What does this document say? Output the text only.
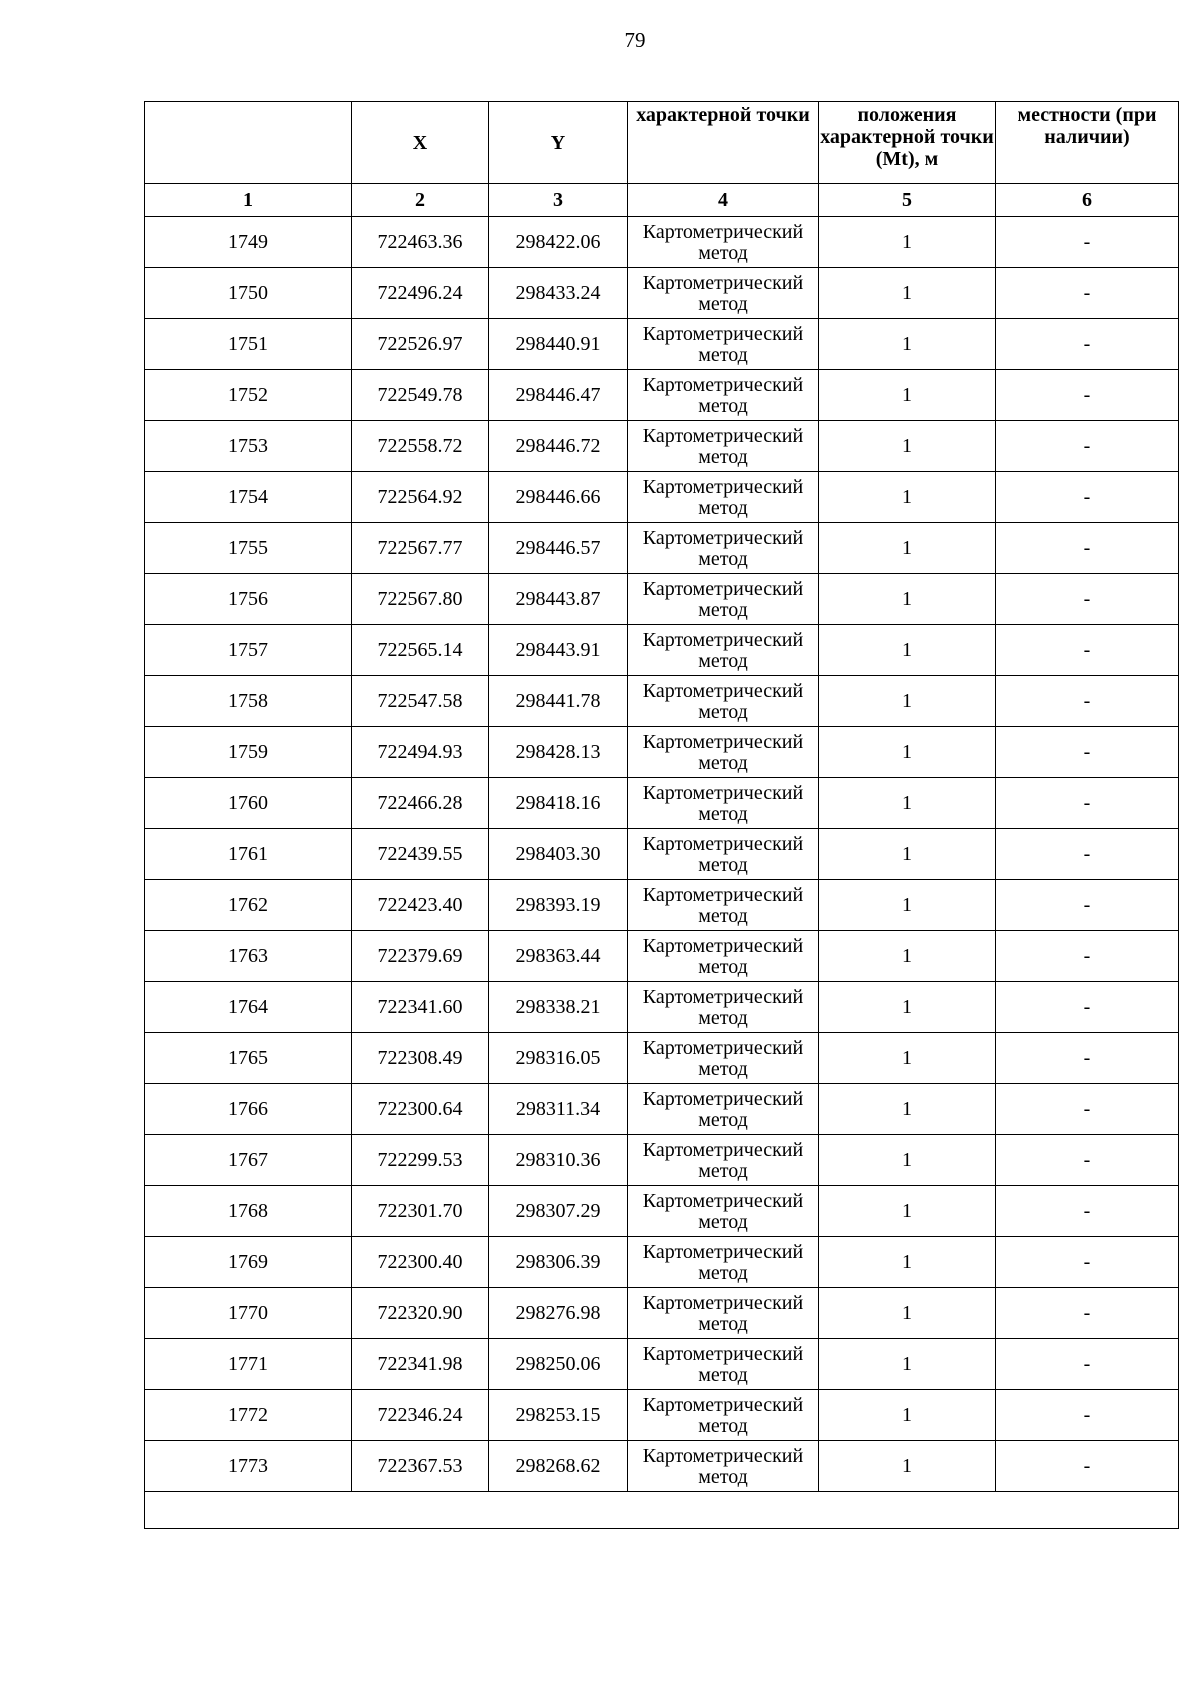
79
	X	Y	характерной точки	положения характерной точки (Mt), м	местности (при наличии)
1	2	3	4	5	6
1749	722463.36	298422.06	Картометрический метод	1	-
1750	722496.24	298433.24	Картометрический метод	1	-
1751	722526.97	298440.91	Картометрический метод	1	-
1752	722549.78	298446.47	Картометрический метод	1	-
1753	722558.72	298446.72	Картометрический метод	1	-
1754	722564.92	298446.66	Картометрический метод	1	-
1755	722567.77	298446.57	Картометрический метод	1	-
1756	722567.80	298443.87	Картометрический метод	1	-
1757	722565.14	298443.91	Картометрический метод	1	-
1758	722547.58	298441.78	Картометрический метод	1	-
1759	722494.93	298428.13	Картометрический метод	1	-
1760	722466.28	298418.16	Картометрический метод	1	-
1761	722439.55	298403.30	Картометрический метод	1	-
1762	722423.40	298393.19	Картометрический метод	1	-
1763	722379.69	298363.44	Картометрический метод	1	-
1764	722341.60	298338.21	Картометрический метод	1	-
1765	722308.49	298316.05	Картометрический метод	1	-
1766	722300.64	298311.34	Картометрический метод	1	-
1767	722299.53	298310.36	Картометрический метод	1	-
1768	722301.70	298307.29	Картометрический метод	1	-
1769	722300.40	298306.39	Картометрический метод	1	-
1770	722320.90	298276.98	Картометрический метод	1	-
1771	722341.98	298250.06	Картометрический метод	1	-
1772	722346.24	298253.15	Картометрический метод	1	-
1773	722367.53	298268.62	Картометрический метод	1	-
